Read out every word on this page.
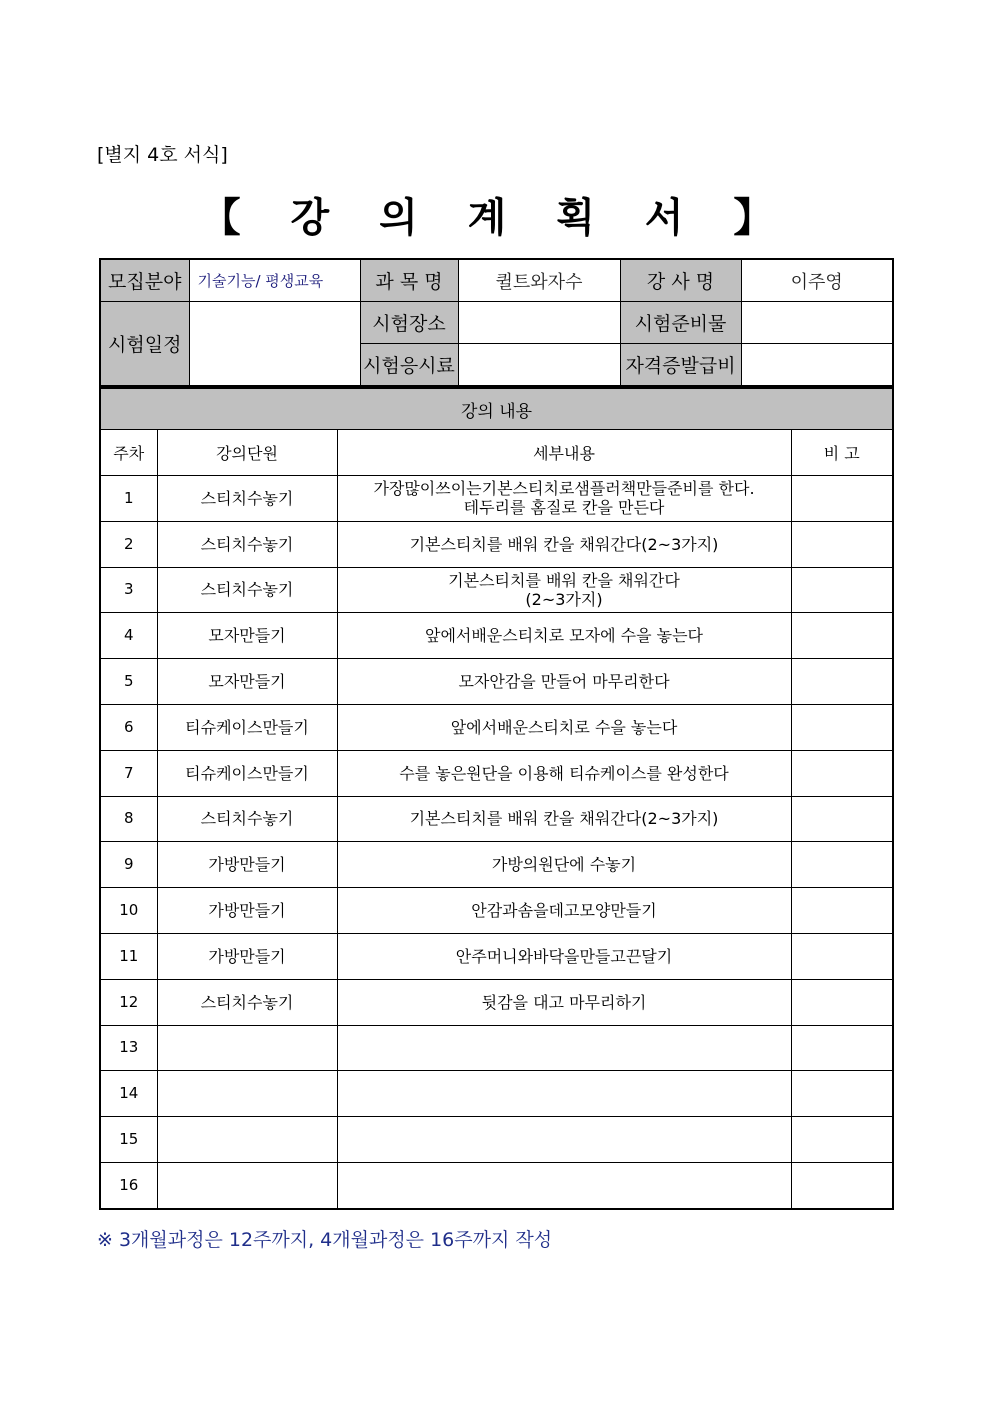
[별지 4호 서식]
【 강 의 계 획 서 】
모집분야	기술기능/ 평생교육	과 목 명	퀼트와자수	강 사 명	이주영
시험일정		시험장소		시험준비물	
		시험응시료		자격증발급비	
강의 내용			
주차	강의단원	세부내용	비 고
1	스티치수놓기	가장많이쓰이는기본스티치로샘플러책만들준비를 한다.
테두리를 홈질로 칸을 만든다	

2	스티치수놓기	기본스티치를 배워 칸을 채워간다(2~3가지)	

3	스티치수놓기	기본스티치를 배워 칸을 채워간다
(2~3가지)	

4	모자만들기	앞에서배운스티치로 모자에 수을 놓는다	

5	모자만들기	모자안감을 만들어 마무리한다	

6	티슈케이스만들기	앞에서배운스티치로 수을 놓는다	

7	티슈케이스만들기	수를 놓은원단을 이용해 티슈케이스를 완성한다	

8	스티치수놓기	기본스티치를 배워 칸을 채워간다(2~3가지)	

9	가방만들기	가방의원단에 수놓기	

10	가방만들기	안감과솜을데고모양만들기	

11	가방만들기	안주머니와바닥을만들고끈달기	

12	스티치수놓기	뒷감을 대고 마무리하기	

13		

14		

15		

16		

※ 3개월과정은 12주까지, 4개월과정은 16주까지 작성
